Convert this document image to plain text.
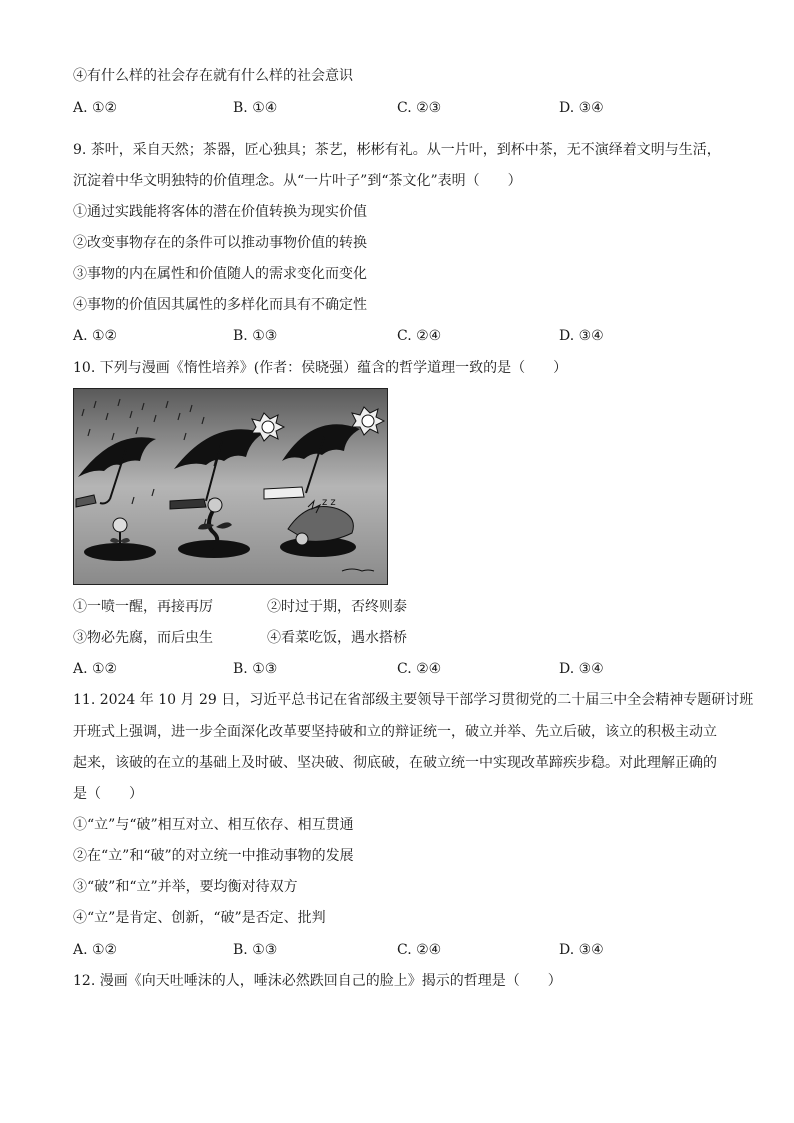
④有什么样的社会存在就有什么样的社会意识
A. ①②	B. ①④	C. ②③	D. ③④
9. 茶叶，采自天然；茶器，匠心独具；茶艺，彬彬有礼。从一片叶，到杯中茶，无不演绎着文明与生活，
沉淀着中华文明独特的价值理念。从“一片叶子”到“茶文化”表明（　　）
①通过实践能将客体的潜在价值转换为现实价值
②改变事物存在的条件可以推动事物价值的转换
③事物的内在属性和价值随人的需求变化而变化
④事物的价值因其属性的多样化而具有不确定性
A. ①②	B. ①③	C. ②④	D. ③④
10. 下列与漫画《惰性培养》(作者：侯晓强）蕴含的哲学道理一致的是（　　）
z z
①一喷一醒，再接再厉	②时过于期，否终则泰
③物必先腐，而后虫生	④看菜吃饭，遇水搭桥
A. ①②	B. ①③	C. ②④	D. ③④
11. 2024 年 10 月 29 日，习近平总书记在省部级主要领导干部学习贯彻党的二十届三中全会精神专题研讨班
开班式上强调，进一步全面深化改革要坚持破和立的辩证统一，破立并举、先立后破，该立的积极主动立
起来，该破的在立的基础上及时破、坚决破、彻底破，在破立统一中实现改革蹄疾步稳。对此理解正确的
是（　　）
①“立”与“破”相互对立、相互依存、相互贯通
②在“立”和“破”的对立统一中推动事物的发展
③“破”和“立”并举，要均衡对待双方
④“立”是肯定、创新，“破”是否定、批判
A. ①②	B. ①③	C. ②④	D. ③④
12. 漫画《向天吐唾沫的人，唾沫必然跌回自己的脸上》揭示的哲理是（　　）
